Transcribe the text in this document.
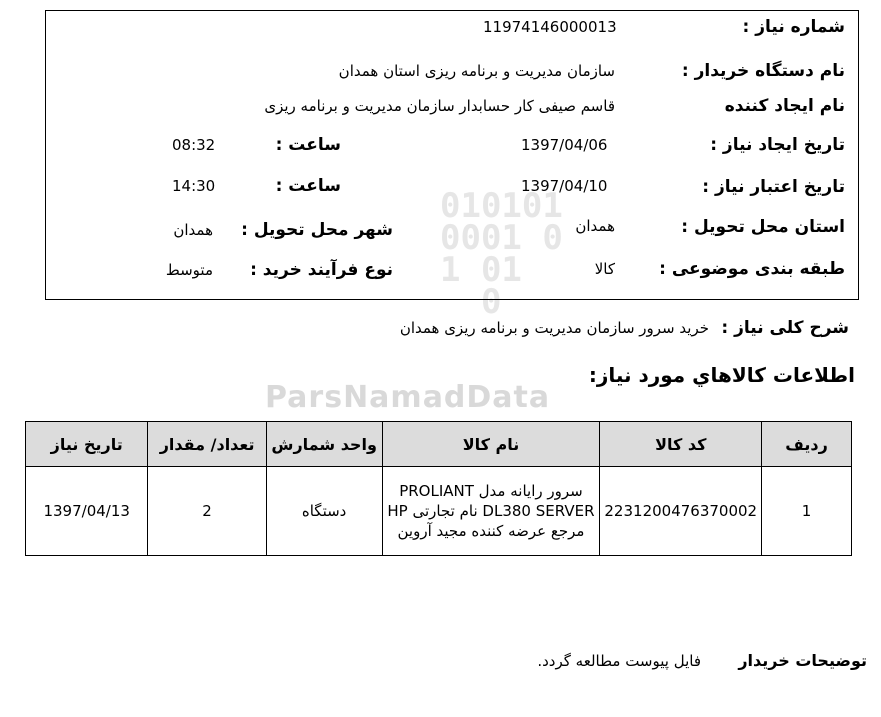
010101
0001 0
1 01
0
ParsNamadData
شماره نیاز :
11974146000013
نام دستگاه خریدار :
سازمان مدیریت و برنامه ریزی استان همدان
نام ایجاد کننده
قاسم صیفی کار حسابدار سازمان مدیریت و برنامه ریزی
تاریخ ایجاد نیاز :
1397/04/06
ساعت :
08:32
تاریخ اعتبار نیاز :
1397/04/10
ساعت :
14:30
استان محل تحویل :
همدان
شهر محل تحویل :
همدان
طبقه بندی موضوعی :
کالا
نوع فرآیند خرید :
متوسط
شرح کلی نیاز :
خرید سرور سازمان مدیریت و برنامه ریزی همدان
اطلاعات کالاهاي مورد نياز:
ردیف	کد کالا	نام کالا	واحد شمارش	تعداد/ مقدار	تاریخ نیاز
1	2231200476370002	سرور رایانه مدل PROLIANT DL380 SERVER نام تجارتی HP مرجع عرضه کننده مجید آروین	دستگاه	2	1397/04/13
توضیحات خریدار
فایل پیوست مطالعه گردد.
